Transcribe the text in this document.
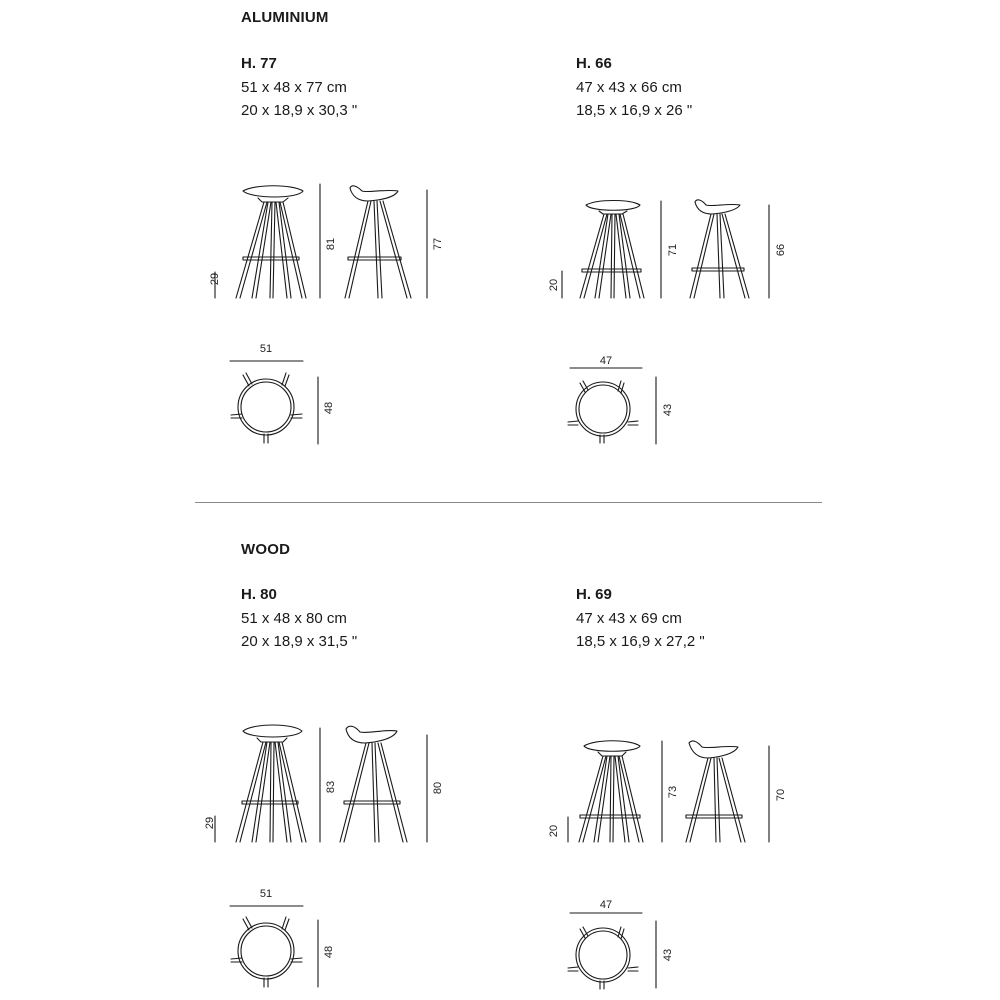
ALUMINIUM
H. 77
51 x 48 x 77 cm
20 x 18,9 x 30,3 "
H. 66
47 x 43 x 66 cm
18,5 x 16,9 x 26 "
WOOD
H. 80
51 x 48 x 80 cm
20 x 18,9 x 31,5 "
H. 69
47 x 43 x 69 cm
18,5 x 16,9 x 27,2 "
29
81	77
51
48
20
71	66
47
43
29
83	80
51
48
20
73	70
47
43
